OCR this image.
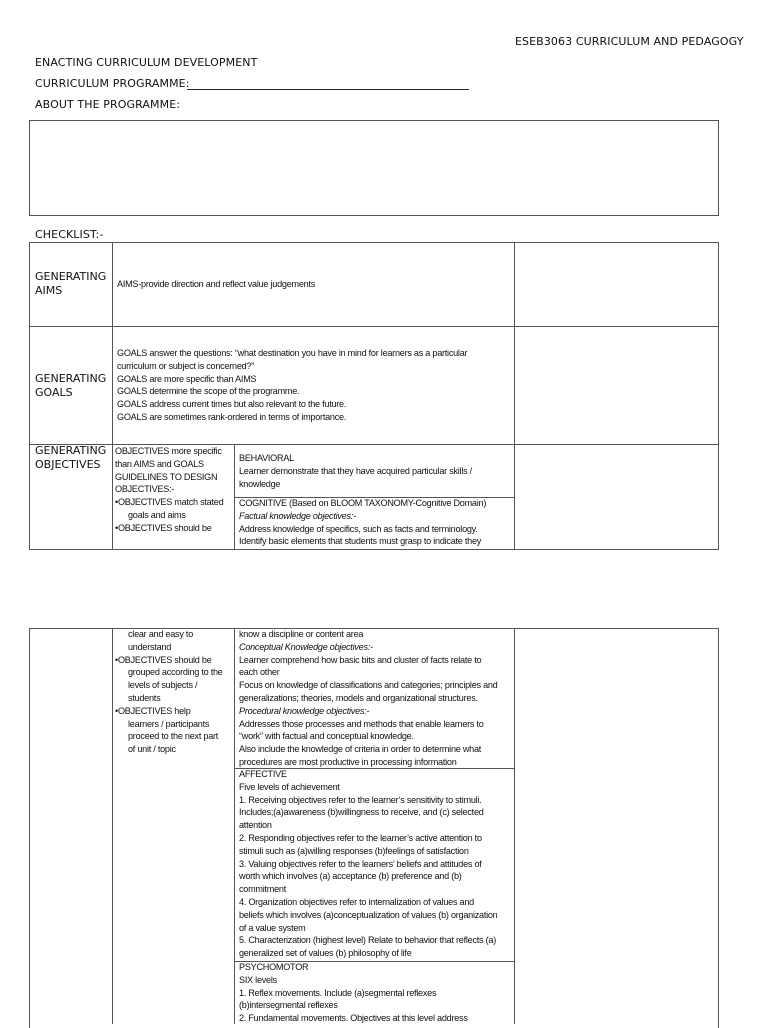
ESEB3063 CURRICULUM AND PEDAGOGY
ENACTING CURRICULUM DEVELOPMENT
CURRICULUM PROGRAMME:
ABOUT THE PROGRAMME:
CHECKLIST:-
GENERATING
AIMS	AIMS-provide direction and reflect value judgements
GENERATING
GOALS
GOALS answer the questions: “what destination you have in mind for learners as a particular
curriculum or subject is concerned?”
GOALS are more specific than AIMS
GOALS determine the scope of the programme.
GOALS address current times but also relevant to the future.
GOALS are sometimes rank-ordered in terms of importance.
GENERATING
OBJECTIVES
OBJECTIVES more specific
than AIMS and GOALS
GUIDELINES TO DESIGN
OBJECTIVES:-
• OBJECTIVES match stated
goals and aims
• OBJECTIVES should be
BEHAVIORAL
Learner demonstrate that they have acquired particular skills /
knowledge
COGNITIVE (Based on BLOOM TAXONOMY-Cognitive Domain)
Factual knowledge objectives:-
Address knowledge of specifics, such as facts and terminology.
Identify basic elements that students must grasp to indicate they
clear and easy to
understand
• OBJECTIVES should be
grouped according to the
levels of subjects /
students
• OBJECTIVES help
learners / participants
proceed to the next part
of unit / topic
know a discipline or content area
Conceptual Knowledge objectives:-
Learner comprehend how basic bits and cluster of facts relate to
each other
Focus on knowledge of classifications and categories; principles and
generalizations; theories, models and organizational structures.
Procedural knowledge objectives:-
Addresses those processes and methods that enable learners to
“work” with factual and conceptual knowledge.
Also include the knowledge of criteria in order to determine what
procedures are most productive in processing information
AFFECTIVE
Five levels of achievement
1. Receiving objectives refer to the learner’s sensitivity to stimuli.
Includes;(a)awareness (b)willingness to receive, and (c) selected
attention
2. Responding objectives refer to the learner’s active attention to
stimuli such as (a)willing responses (b)feelings of satisfaction
3. Valuing objectives refer to the learners’ beliefs and attitudes of
worth which involves (a) acceptance (b) preference and (b)
commitment
4. Organization objectives refer to internalization of values and
beliefs which involves (a)conceptualization of values (b) organization
of a value system
5. Characterization (highest level) Relate to behavior that reflects (a)
generalized set of values (b) philosophy of life
PSYCHOMOTOR
SIX levels
1. Reflex movements. Include (a)segmental reflexes
(b)intersegmental reflexes
2. Fundamental movements. Objectives at this level address
